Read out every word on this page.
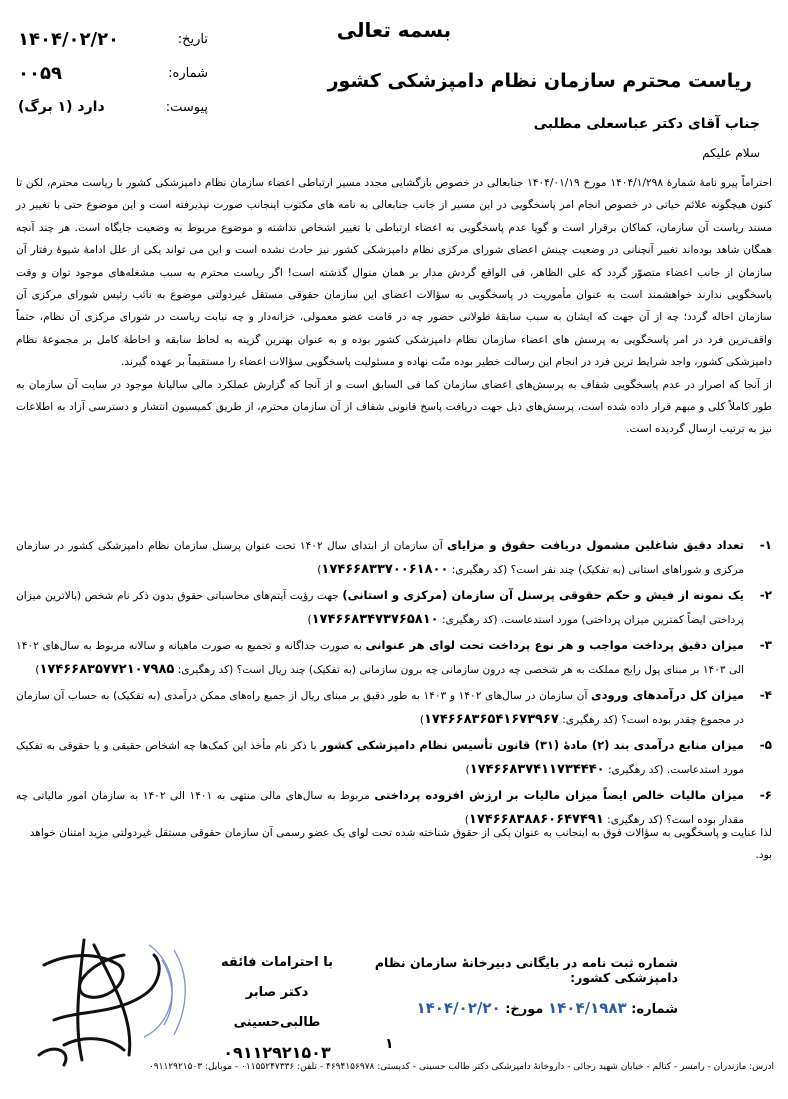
بسمه تعالی
تاریخ:
۱۴۰۴/۰۲/۲۰
شماره:
۰۰۵۹
پیوست:
دارد (۱ برگ)
ریاست محترم سازمان نظام دامپزشکی کشور
جناب آقای دکتر عباسعلی مطلبی
سلام علیکم

احتراماً پیرو نامهٔ شمارهٔ ۱۴۰۴/۱/۲۹۸ مورخ ۱۴۰۴/۰۱/۱۹ جنابعالی در خصوص بازگشایی مجدد مسیر ارتباطی اعضاء سازمان نظام دامپزشکی کشور با ریاست محترم، لکن تا کنون هیچگونه علائم حیاتی در خصوص انجام امر پاسخگویی در این مسیر از جانب جنابعالی به نامه های مکتوب اینجانب صورت نپذیرفته است و این موضوع حتی با تغییر در مسند ریاست آن سازمان، کماکان برقرار است و گویا عدم پاسخگویی به اعضاء ارتباطی با تغییر اشخاص نداشته و موضوع مربوط به وضعیت جایگاه است. هر چند آنچه همگان شاهد بوده‌اند تغییر آنچنانی در وضعیت چینش اعضای شورای مرکزی نظام دامپزشکی کشور نیز حادث نشده است و این می تواند یکی از علل ادامهٔ شیوهٔ رفتار آن سازمان از جانب اعضاء متصوّر گردد که علی الظاهر، فی الواقع گردش مدار بر همان منوال گذشته است! اگر ریاست محترم به سبب مشغله‌های موجود توان و وقت پاسخگویی ندارند خواهشمند است به عنوان مأموریت در پاسخگویی به سؤالات اعضای این سازمان حقوقی مستقل غیردولتی موضوع به نائب رئیس شورای مرکزی آن سازمان احاله گردد؛ چه از آن جهت که ایشان به سبب سابقهٔ طولانی حضور چه در قامت عضو معمولی، خزانه‌دار و چه نیابت ریاست در شورای مرکزی آن نظام، حتماً واقف‌ترین فرد در امر پاسخگویی به پرسش های اعضاء سازمان نظام دامپزشکی کشور بوده و به عنوان بهترین گزینه به لحاظ سابقه و احاطهٔ کامل بر مجموعهٔ نظام دامپزشکی کشور، واجد شرایط ترین فرد در انجام این رسالت خطیر بوده منّت نهاده و مسئولیت پاسخگویی سؤالات اعضاء را مستقیماً بر عهده گیرند.

از آنجا که اصرار در عدم پاسخگویی شفاف به پرسش‌های اعضای سازمان کما فی السابق است و از آنجا که گزارش عملکرد مالی سالیانهٔ موجود در سایت آن سازمان به طور کاملاً کلی و مبهم قرار داده شده است، پرسش‌های ذیل جهت دریافت پاسخ قانونی شفاف از آن سازمان محترم، از طریق کمیسیون انتشار و دسترسی آزاد به اطلاعات نیز به ترتیب ارسال گردیده است.

۱-
تعداد دقیق شاغلین مشمول دریافت حقوق و مزایای آن سازمان از ابتدای سال ۱۴۰۲ تحت عنوان پرسنل سازمان نظام دامپزشکی کشور در سازمان مرکزی و شوراهای استانی (به تفکیک) چند نفر است؟ (کد رهگیری: ۱۷۴۶۶۸۳۳۷۰۰۶۱۸۰۰)
۲-
یک نمونه از فیش و حکم حقوقی پرسنل آن سازمان (مرکزی و استانی) جهت رؤیت آیتم‌های محاسباتی حقوق بدون ذکر نام شخص (بالاترین میزان پرداختی ایضاً کمترین میزان پرداختی) مورد استدعاست. (کد رهگیری: ۱۷۴۶۶۸۳۴۷۳۷۶۵۸۱۰)
۳-
میزان دقیق پرداخت مواجب و هر نوع پرداخت تحت لوای هر عنوانی به صورت جداگانه و تجمیع به صورت ماهیانه و سالانه مربوط به سال‌های ۱۴۰۲ الی ۱۴۰۳ بر مبنای پول رایج مملکت به هر شخصی چه درون سازمانی چه برون سازمانی (به تفکیک) چند ریال است؟ (کد رهگیری: ۱۷۴۶۶۸۳۵۷۷۲۱۰۷۹۸۵)
۴-
میزان کل درآمدهای ورودی آن سازمان در سال‌های ۱۴۰۲ و ۱۴۰۳ به طور دقیق بر مبنای ریال از جمیع راه‌های ممکن درآمدی (به تفکیک) به حساب آن سازمان در مجموع چقدر بوده است؟ (کد رهگیری: ۱۷۴۶۶۸۳۶۵۴۱۶۷۳۹۶۷)
۵-
میزان منابع درآمدی بند (۲) مادهٔ (۳۱) قانون تأسیس نظام دامپزشکی کشور با ذکر نام مأخذ این کمک‌ها چه اشخاص حقیقی و یا حقوقی به تفکیک مورد استدعاست. (کد رهگیری: ۱۷۴۶۶۸۳۷۴۱۱۷۳۴۴۴۰)
۶-
میزان مالیات خالص ایضاً میزان مالیات بر ارزش افزوده پرداختی مربوط به سال‌های مالی منتهی به ۱۴۰۱ الی ۱۴۰۲ به سازمان امور مالیاتی چه مقدار بوده است؟ (کد رهگیری: ۱۷۴۶۶۸۳۸۸۶۰۶۴۷۴۹۱)
لذا عنایت و پاسخگویی به سؤالات فوق به اینجانب به عنوان یکی از حقوق شناخته شده تحت لوای یک عضو رسمی آن سازمان حقوقی مستقل غیردولتی مزید امتنان خواهد بود.
شماره ثبت نامه در بایگانی دبیرخانهٔ سازمان نظام دامپزشکی کشور:
شماره: ۱۴۰۴/۱۹۸۳ مورخ: ۱۴۰۴/۰۲/۲۰
با احترامات فائقه
دکتر صابر طالبی‌حسینی
۰۹۱۱۲۹۲۱۵۰۳	۱
آدرس: مازندران - رامسر - کتالم - خیابان شهید رجائی - داروخانهٔ دامپزشکی دکتر طالب حسینی - کدپستی: ۴۶۹۴۱۵۶۹۷۸ - تلفن: ۰۱۱۵۵۲۴۷۳۳۶ - موبایل: ۰۹۱۱۲۹۲۱۵۰۳
